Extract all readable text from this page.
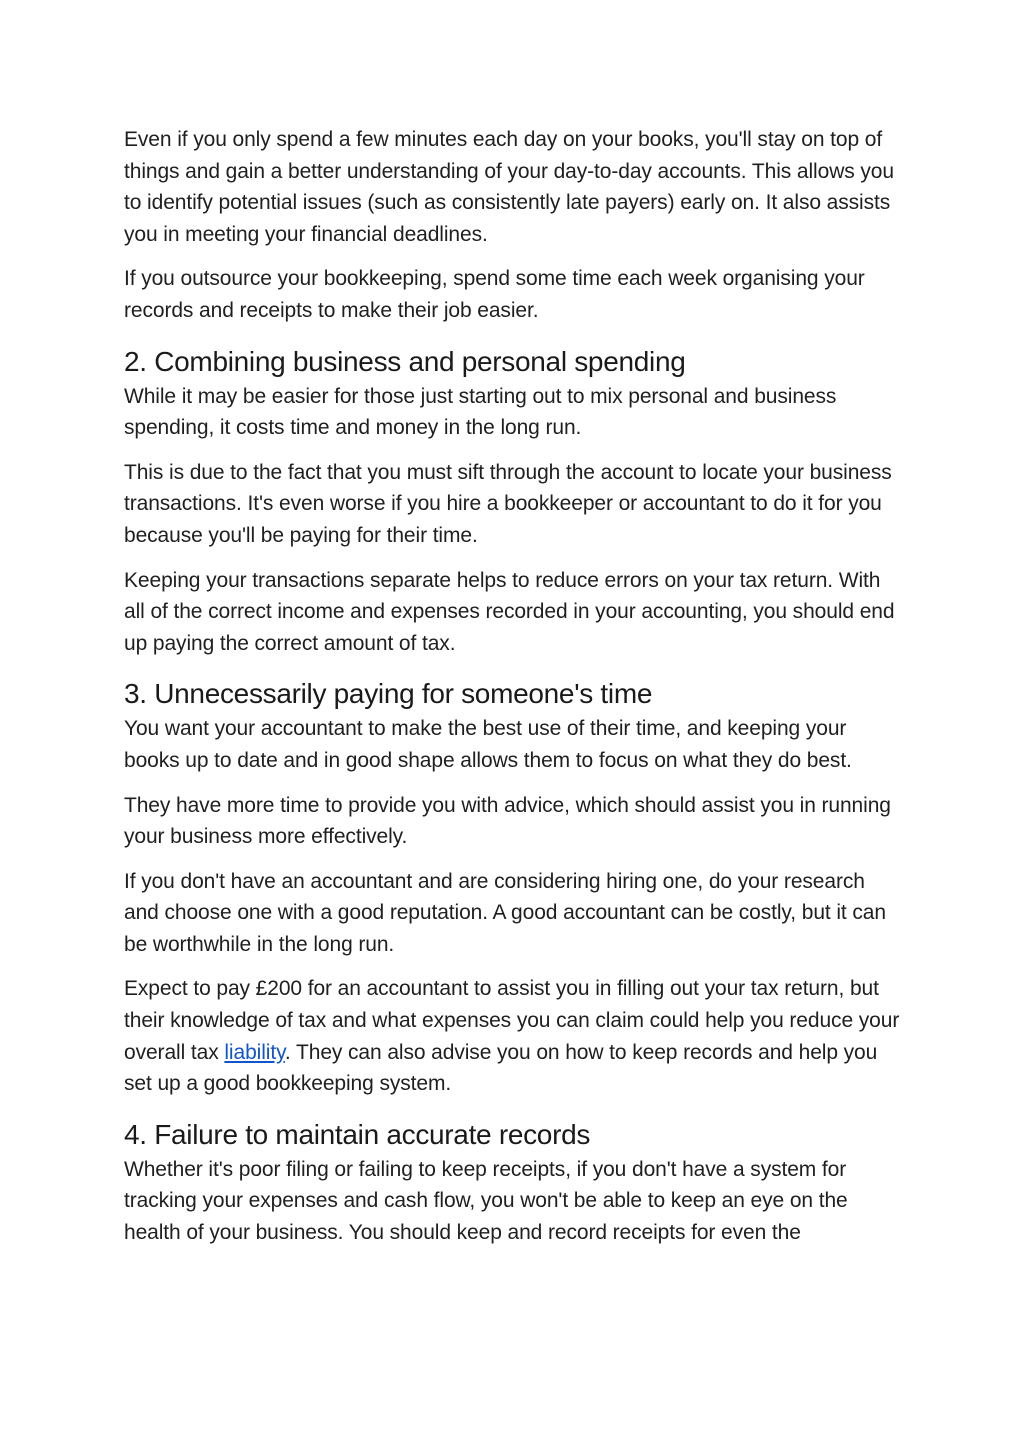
Even if you only spend a few minutes each day on your books, you'll stay on top of things and gain a better understanding of your day-to-day accounts. This allows you to identify potential issues (such as consistently late payers) early on. It also assists you in meeting your financial deadlines.

If you outsource your bookkeeping, spend some time each week organising your records and receipts to make their job easier.

2. Combining business and personal spending

While it may be easier for those just starting out to mix personal and business spending, it costs time and money in the long run.

This is due to the fact that you must sift through the account to locate your business transactions. It's even worse if you hire a bookkeeper or accountant to do it for you because you'll be paying for their time.

Keeping your transactions separate helps to reduce errors on your tax return. With all of the correct income and expenses recorded in your accounting, you should end up paying the correct amount of tax.

3. Unnecessarily paying for someone's time

You want your accountant to make the best use of their time, and keeping your books up to date and in good shape allows them to focus on what they do best.

They have more time to provide you with advice, which should assist you in running your business more effectively.

If you don't have an accountant and are considering hiring one, do your research and choose one with a good reputation. A good accountant can be costly, but it can be worthwhile in the long run.

Expect to pay £200 for an accountant to assist you in filling out your tax return, but their knowledge of tax and what expenses you can claim could help you reduce your overall tax liability. They can also advise you on how to keep records and help you set up a good bookkeeping system.

4. Failure to maintain accurate records

Whether it's poor filing or failing to keep receipts, if you don't have a system for tracking your expenses and cash flow, you won't be able to keep an eye on the health of your business. You should keep and record receipts for even the
